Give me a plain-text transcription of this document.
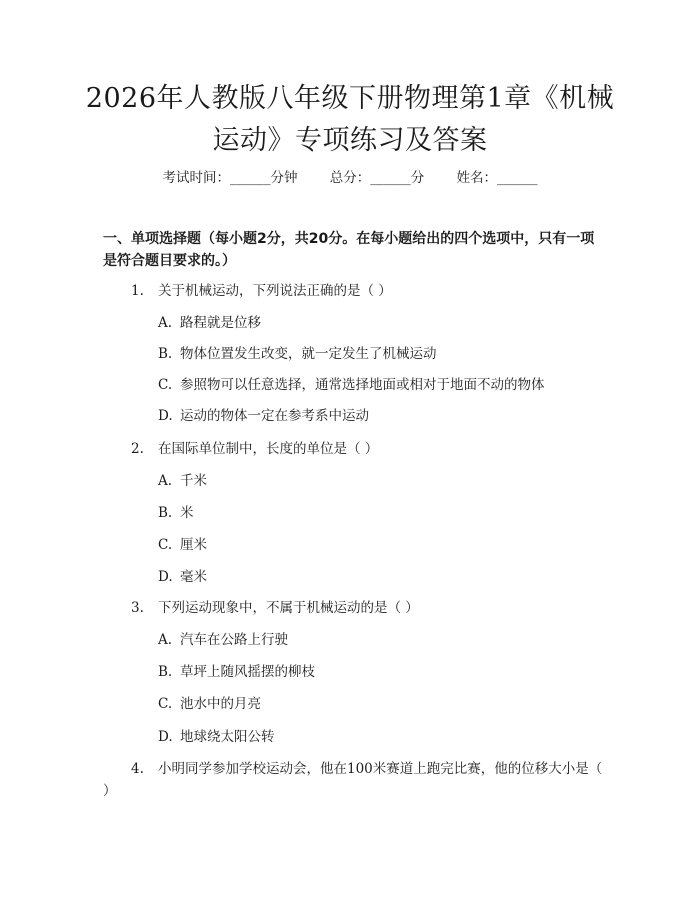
2026年人教版八年级下册物理第1章《机械
运动》专项练习及答案
考试时间：______分钟 总分：______分 姓名：______

一、单项选择题（每小题2分，共20分。在每小题给出的四个选项中，只有一项是符合题目要求的。）

1. 关于机械运动，下列说法正确的是（ ）
A. 路程就是位移
B. 物体位置发生改变，就一定发生了机械运动
C. 参照物可以任意选择，通常选择地面或相对于地面不动的物体
D. 运动的物体一定在参考系中运动
2. 在国际单位制中，长度的单位是（ ）
A. 千米
B. 米
C. 厘米
D. 毫米
3. 下列运动现象中，不属于机械运动的是（ ）
A. 汽车在公路上行驶
B. 草坪上随风摇摆的柳枝
C. 池水中的月亮
D. 地球绕太阳公转
4. 小明同学参加学校运动会，他在100米赛道上跑完比赛，他的位移大小是（ ）
